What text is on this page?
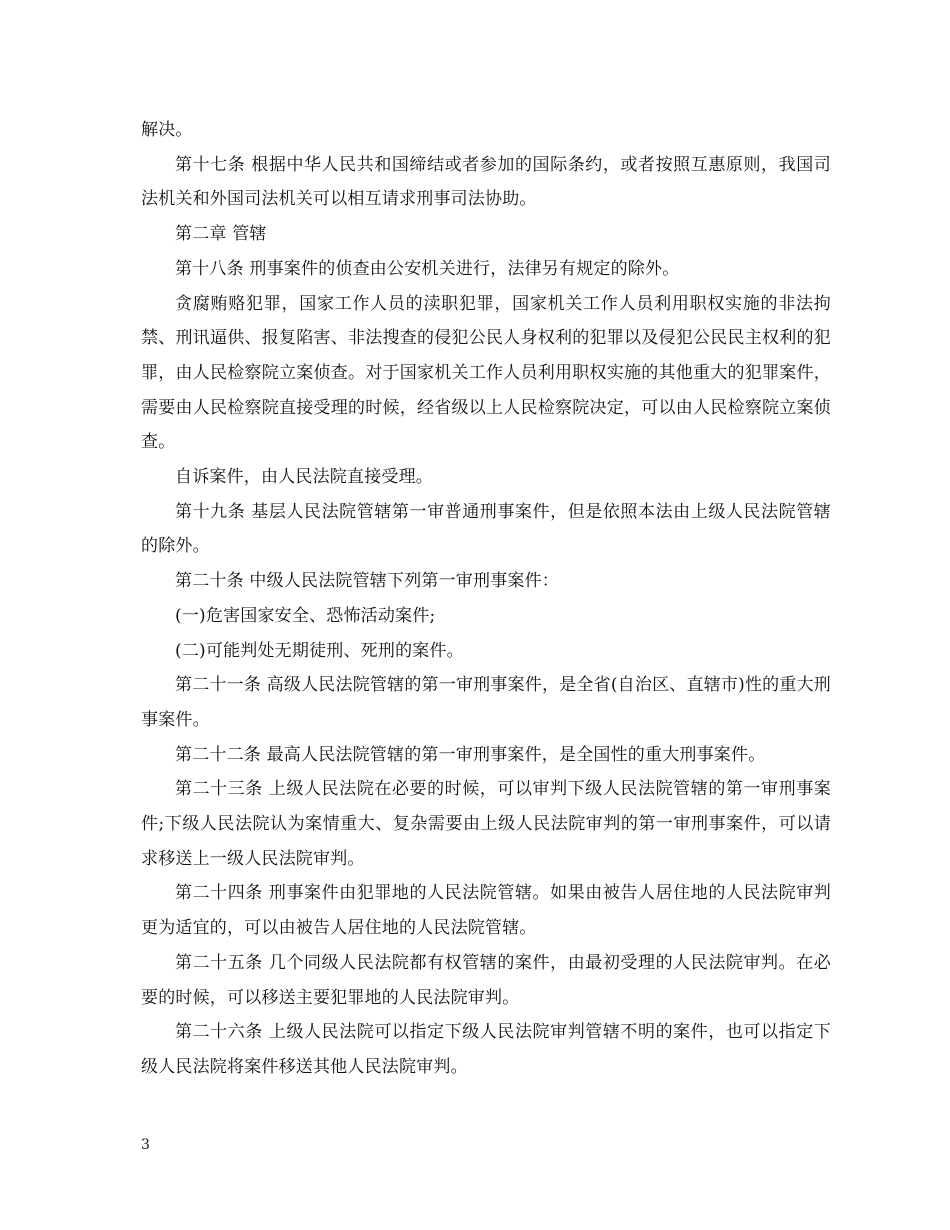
解决。

第十七条 根据中华人民共和国缔结或者参加的国际条约，或者按照互惠原则，我国司法机关和外国司法机关可以相互请求刑事司法协助。

第二章 管辖

第十八条 刑事案件的侦查由公安机关进行，法律另有规定的除外。

贪腐贿赂犯罪，国家工作人员的渎职犯罪，国家机关工作人员利用职权实施的非法拘禁、刑讯逼供、报复陷害、非法搜查的侵犯公民人身权利的犯罪以及侵犯公民民主权利的犯罪，由人民检察院立案侦查。对于国家机关工作人员利用职权实施的其他重大的犯罪案件，需要由人民检察院直接受理的时候，经省级以上人民检察院决定，可以由人民检察院立案侦查。

自诉案件，由人民法院直接受理。

第十九条 基层人民法院管辖第一审普通刑事案件，但是依照本法由上级人民法院管辖的除外。

第二十条 中级人民法院管辖下列第一审刑事案件：

(一)危害国家安全、恐怖活动案件;

(二)可能判处无期徒刑、死刑的案件。

第二十一条 高级人民法院管辖的第一审刑事案件，是全省(自治区、直辖市)性的重大刑事案件。

第二十二条 最高人民法院管辖的第一审刑事案件，是全国性的重大刑事案件。

第二十三条 上级人民法院在必要的时候，可以审判下级人民法院管辖的第一审刑事案件;下级人民法院认为案情重大、复杂需要由上级人民法院审判的第一审刑事案件，可以请求移送上一级人民法院审判。

第二十四条 刑事案件由犯罪地的人民法院管辖。如果由被告人居住地的人民法院审判更为适宜的，可以由被告人居住地的人民法院管辖。

第二十五条 几个同级人民法院都有权管辖的案件，由最初受理的人民法院审判。在必要的时候，可以移送主要犯罪地的人民法院审判。

第二十六条 上级人民法院可以指定下级人民法院审判管辖不明的案件，也可以指定下级人民法院将案件移送其他人民法院审判。

3
